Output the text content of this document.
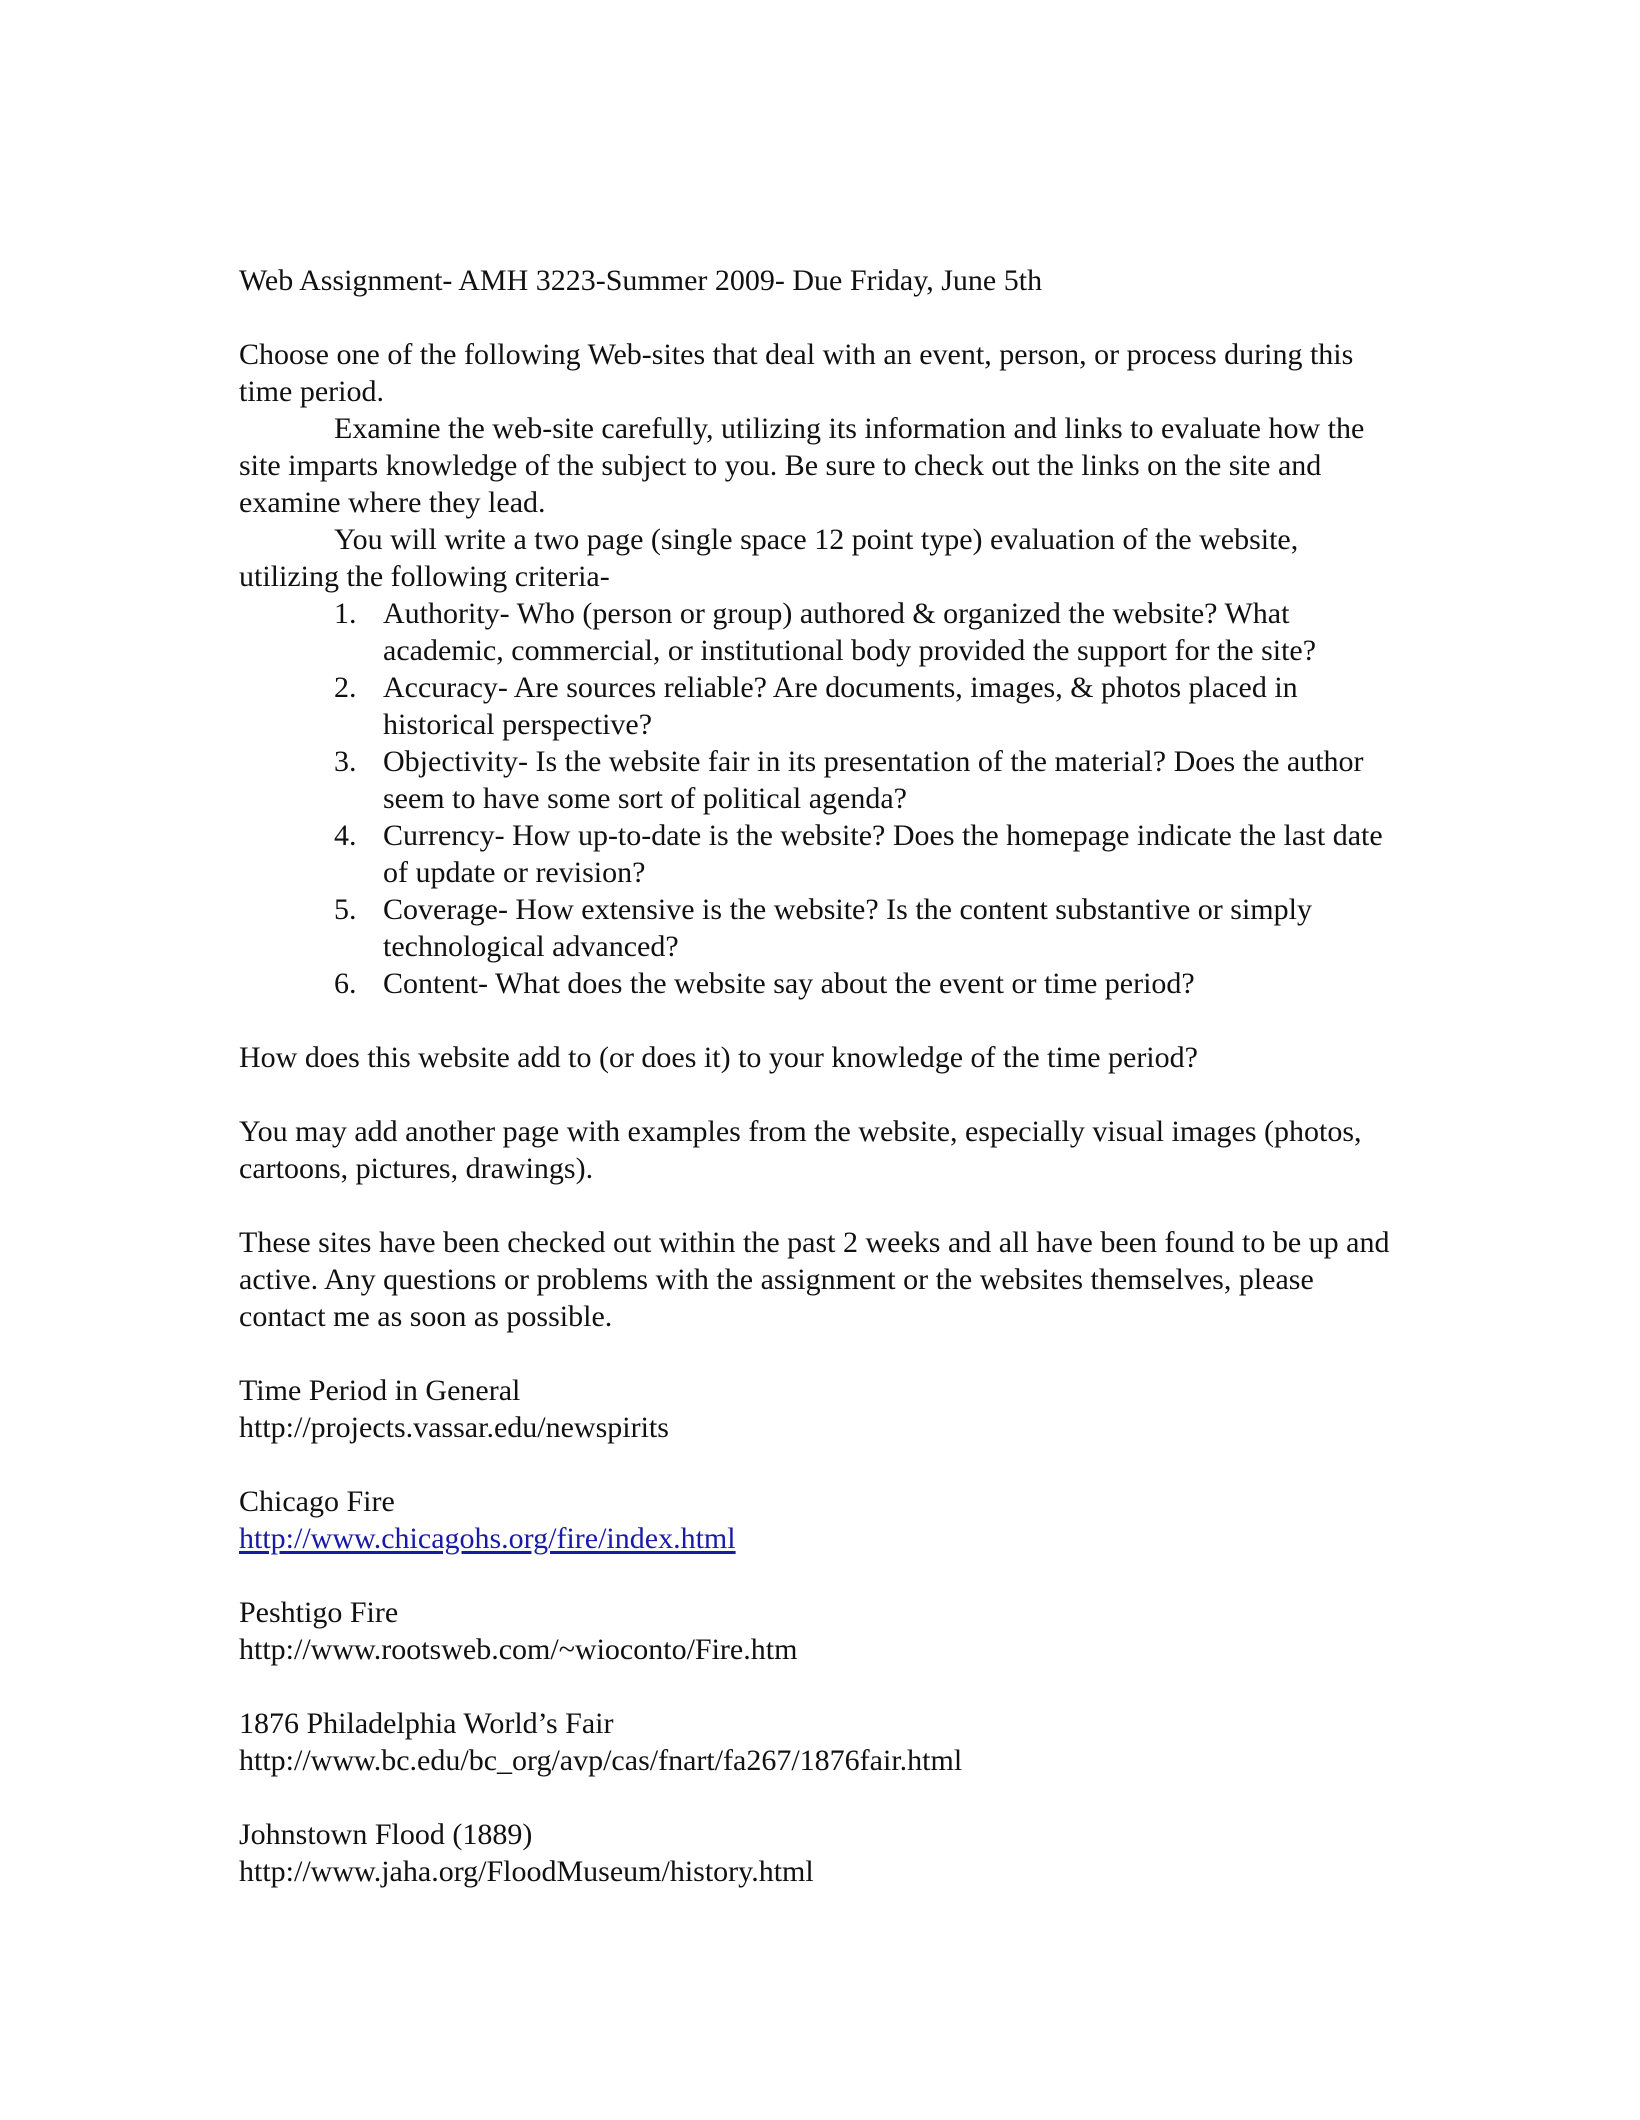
Web Assignment- AMH 3223-Summer 2009- Due Friday, June 5th

Choose one of the following Web-sites that deal with an event, person, or process during this time period.

Examine the web-site carefully, utilizing its information and links to evaluate how the site imparts knowledge of the subject to you. Be sure to check out the links on the site and examine where they lead.

You will write a two page (single space 12 point type) evaluation of the website, utilizing the following criteria-

1. Authority- Who (person or group) authored & organized the website? What academic, commercial, or institutional body provided the support for the site?
2. Accuracy- Are sources reliable? Are documents, images, & photos placed in historical perspective?
3. Objectivity- Is the website fair in its presentation of the material? Does the author seem to have some sort of political agenda?
4. Currency- How up-to-date is the website? Does the homepage indicate the last date of update or revision?
5. Coverage- How extensive is the website? Is the content substantive or simply technological advanced?
6. Content- What does the website say about the event or time period?

How does this website add to (or does it) to your knowledge of the time period?

You may add another page with examples from the website, especially visual images (photos, cartoons, pictures, drawings).

These sites have been checked out within the past 2 weeks and all have been found to be up and active. Any questions or problems with the assignment or the websites themselves, please contact me as soon as possible.

Time Period in General
http://projects.vassar.edu/newspirits
Chicago Fire
http://www.chicagohs.org/fire/index.html
Peshtigo Fire
http://www.rootsweb.com/~wioconto/Fire.htm
1876 Philadelphia World’s Fair
http://www.bc.edu/bc_org/avp/cas/fnart/fa267/1876fair.html
Johnstown Flood (1889)
http://www.jaha.org/FloodMuseum/history.html
